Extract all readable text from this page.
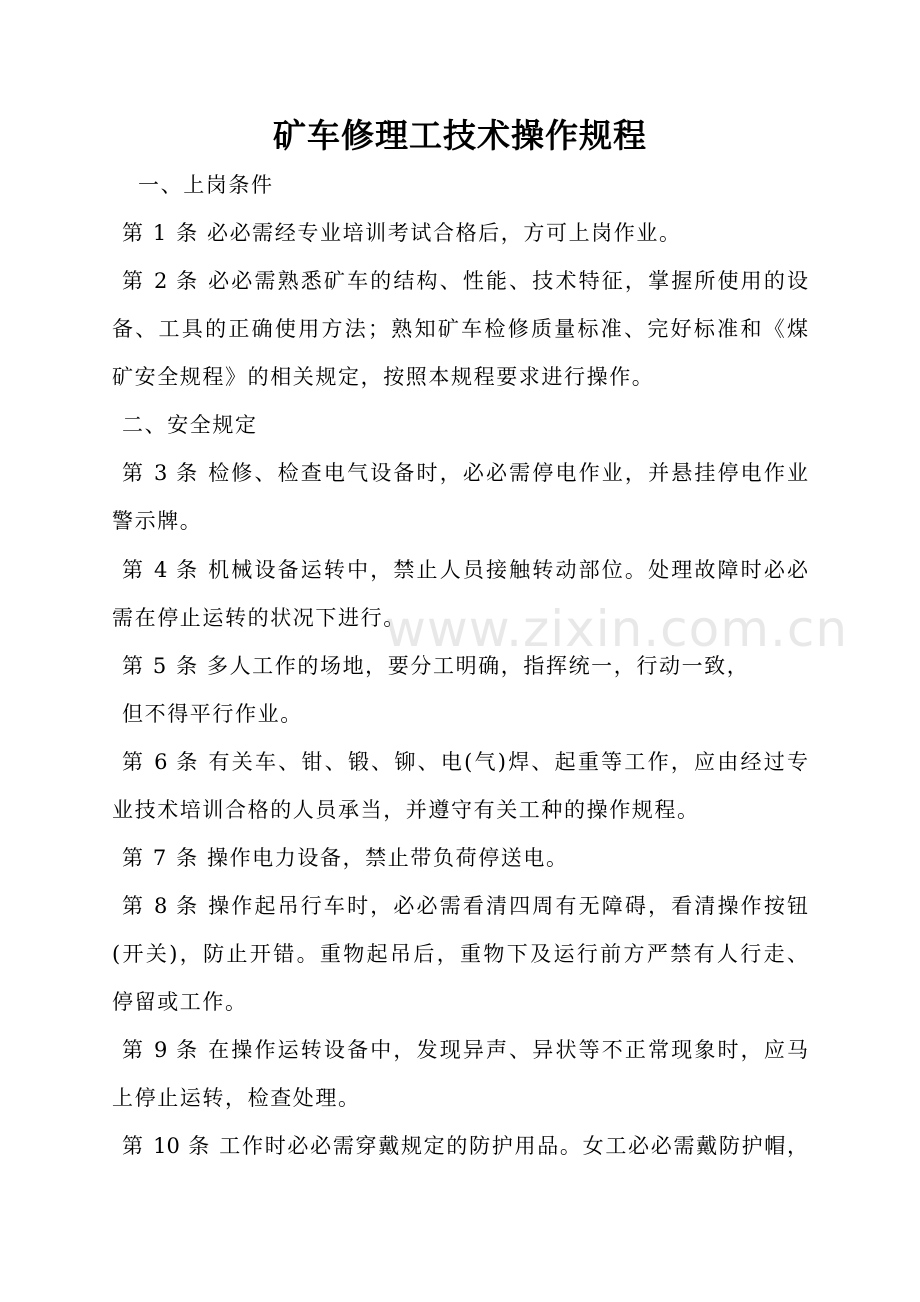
矿车修理工技术操作规程
一、上岗条件
第 1 条 必必需经专业培训考试合格后，方可上岗作业。
第 2 条 必必需熟悉矿车的结构、性能、技术特征，掌握所使用的设
备、工具的正确使用方法；熟知矿车检修质量标准、完好标准和《煤
矿安全规程》的相关规定，按照本规程要求进行操作。
二、安全规定
第 3 条 检修、检查电气设备时，必必需停电作业，并悬挂停电作业
警示牌。
第 4 条 机械设备运转中，禁止人员接触转动部位。处理故障时必必
需在停止运转的状况下进行。
第 5 条 多人工作的场地，要分工明确，指挥统一，行动一致，
但不得平行作业。
第 6 条 有关车、钳、锻、铆、电(气)焊、起重等工作，应由经过专
业技术培训合格的人员承当，并遵守有关工种的操作规程。
第 7 条 操作电力设备，禁止带负荷停送电。
第 8 条 操作起吊行车时，必必需看清四周有无障碍，看清操作按钮
(开关)，防止开错。重物起吊后，重物下及运行前方严禁有人行走、
停留或工作。
第 9 条 在操作运转设备中，发现异声、异状等不正常现象时，应马
上停止运转，检查处理。
第 10 条 工作时必必需穿戴规定的防护用品。女工必必需戴防护帽，
www.zixin.com.cn
